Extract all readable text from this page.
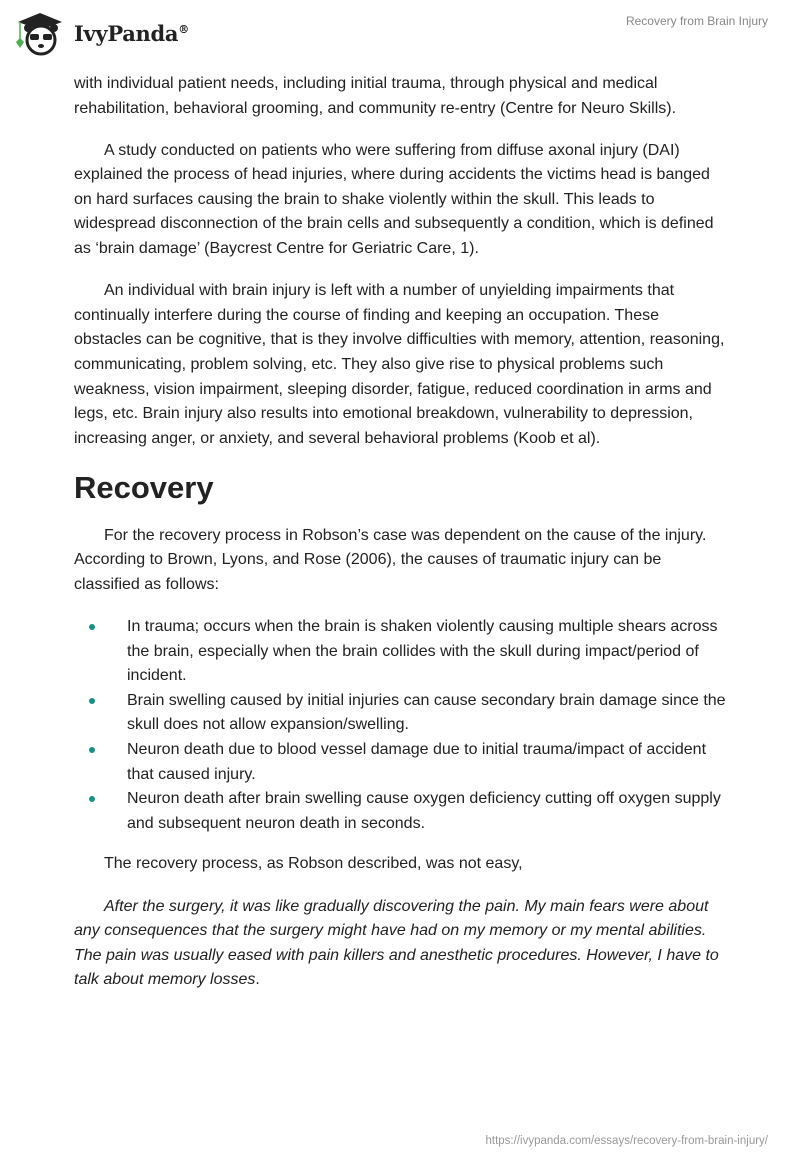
IvyPanda®
Recovery from Brain Injury

with individual patient needs, including initial trauma, through physical and medical rehabilitation, behavioral grooming, and community re-entry (Centre for Neuro Skills).

A study conducted on patients who were suffering from diffuse axonal injury (DAI) explained the process of head injuries, where during accidents the victims head is banged on hard surfaces causing the brain to shake violently within the skull. This leads to widespread disconnection of the brain cells and subsequently a condition, which is defined as ‘brain damage’ (Baycrest Centre for Geriatric Care, 1).

An individual with brain injury is left with a number of unyielding impairments that continually interfere during the course of finding and keeping an occupation. These obstacles can be cognitive, that is they involve difficulties with memory, attention, reasoning, communicating, problem solving, etc. They also give rise to physical problems such weakness, vision impairment, sleeping disorder, fatigue, reduced coordination in arms and legs, etc. Brain injury also results into emotional breakdown, vulnerability to depression, increasing anger, or anxiety, and several behavioral problems (Koob et al).

Recovery

For the recovery process in Robson’s case was dependent on the cause of the injury. According to Brown, Lyons, and Rose (2006), the causes of traumatic injury can be classified as follows:

In trauma; occurs when the brain is shaken violently causing multiple shears across the brain, especially when the brain collides with the skull during impact/period of incident.
Brain swelling caused by initial injuries can cause secondary brain damage since the skull does not allow expansion/swelling.
Neuron death due to blood vessel damage due to initial trauma/impact of accident that caused injury.
Neuron death after brain swelling cause oxygen deficiency cutting off oxygen supply and subsequent neuron death in seconds.

The recovery process, as Robson described, was not easy,

After the surgery, it was like gradually discovering the pain. My main fears were about any consequences that the surgery might have had on my memory or my mental abilities. The pain was usually eased with pain killers and anesthetic procedures. However, I have to talk about memory losses.

https://ivypanda.com/essays/recovery-from-brain-injury/
